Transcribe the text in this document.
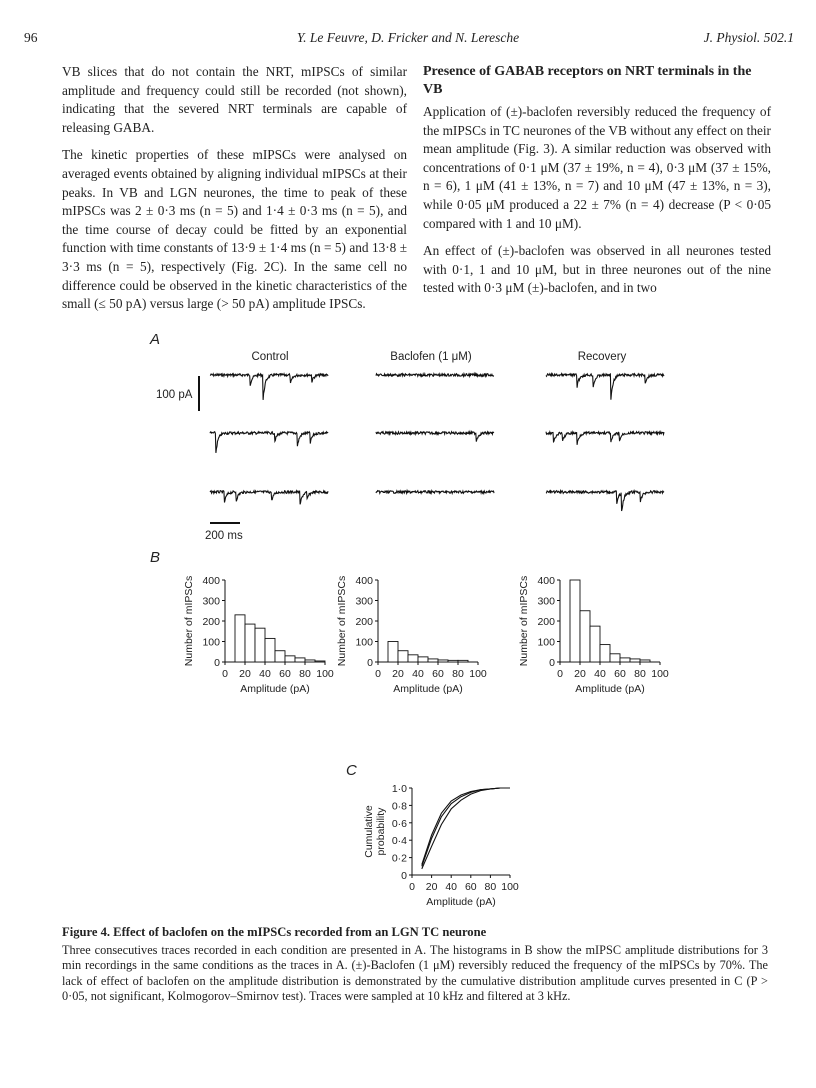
96	Y. Le Feuvre, D. Fricker and N. Leresche	J. Physiol. 502.1

VB slices that do not contain the NRT, mIPSCs of similar amplitude and frequency could still be recorded (not shown), indicating that the severed NRT terminals are capable of releasing GABA.

The kinetic properties of these mIPSCs were analysed on averaged events obtained by aligning individual mIPSCs at their peaks. In VB and LGN neurones, the time to peak of these mIPSCs was 2 ± 0·3 ms (n = 5) and 1·4 ± 0·3 ms (n = 5), and the time course of decay could be fitted by an exponential function with time constants of 13·9 ± 1·4 ms (n = 5) and 13·8 ± 3·3 ms (n = 5), respectively (Fig. 2C). In the same cell no difference could be observed in the kinetic characteristics of the small (≤ 50 pA) versus large (> 50 pA) amplitude IPSCs.

Presence of GABAB receptors on NRT terminals in the VB

Application of (±)-baclofen reversibly reduced the frequency of the mIPSCs in TC neurones of the VB without any effect on their mean amplitude (Fig. 3). A similar reduction was observed with concentrations of 0·1 μM (37 ± 19%, n = 4), 0·3 μM (37 ± 15%, n = 6), 1 μM (41 ± 13%, n = 7) and 10 μM (47 ± 13%, n = 3), while 0·05 μM produced a 22 ± 7% (n = 4) decrease (P < 0·05 compared with 1 and 10 μM).

An effect of (±)-baclofen was observed in all neurones tested with 0·1, 1 and 10 μM, but in three neurones out of the nine tested with 0·3 μM (±)-baclofen, and in two

A
Control	Baclofen (1 μM)	Recovery
100 pA
200 ms
B
0
100
200
300
400
0 20 40 60 80 100
Amplitude (pA)
Number of mIPSCs	0
100
200
300
400
0 20 40 60 80 100
Amplitude (pA)
Number of mIPSCs	0
100
200
300
400
0 20 40 60 80 100
Amplitude (pA)
Number of mIPSCs
C
0
0·2
0·4
0·6
0·8
1·0
0 20 40 60 80 100
Amplitude (pA)
Cumulative probability
Figure 4. Effect of baclofen on the mIPSCs recorded from an LGN TC neurone

Three consecutives traces recorded in each condition are presented in A. The histograms in B show the mIPSC amplitude distributions for 3 min recordings in the same conditions as the traces in A. (±)-Baclofen (1 μM) reversibly reduced the frequency of the mIPSCs by 70%. The lack of effect of baclofen on the amplitude distribution is demonstrated by the cumulative distribution amplitude curves presented in C (P > 0·05, not significant, Kolmogorov–Smirnov test). Traces were sampled at 10 kHz and filtered at 3 kHz.
